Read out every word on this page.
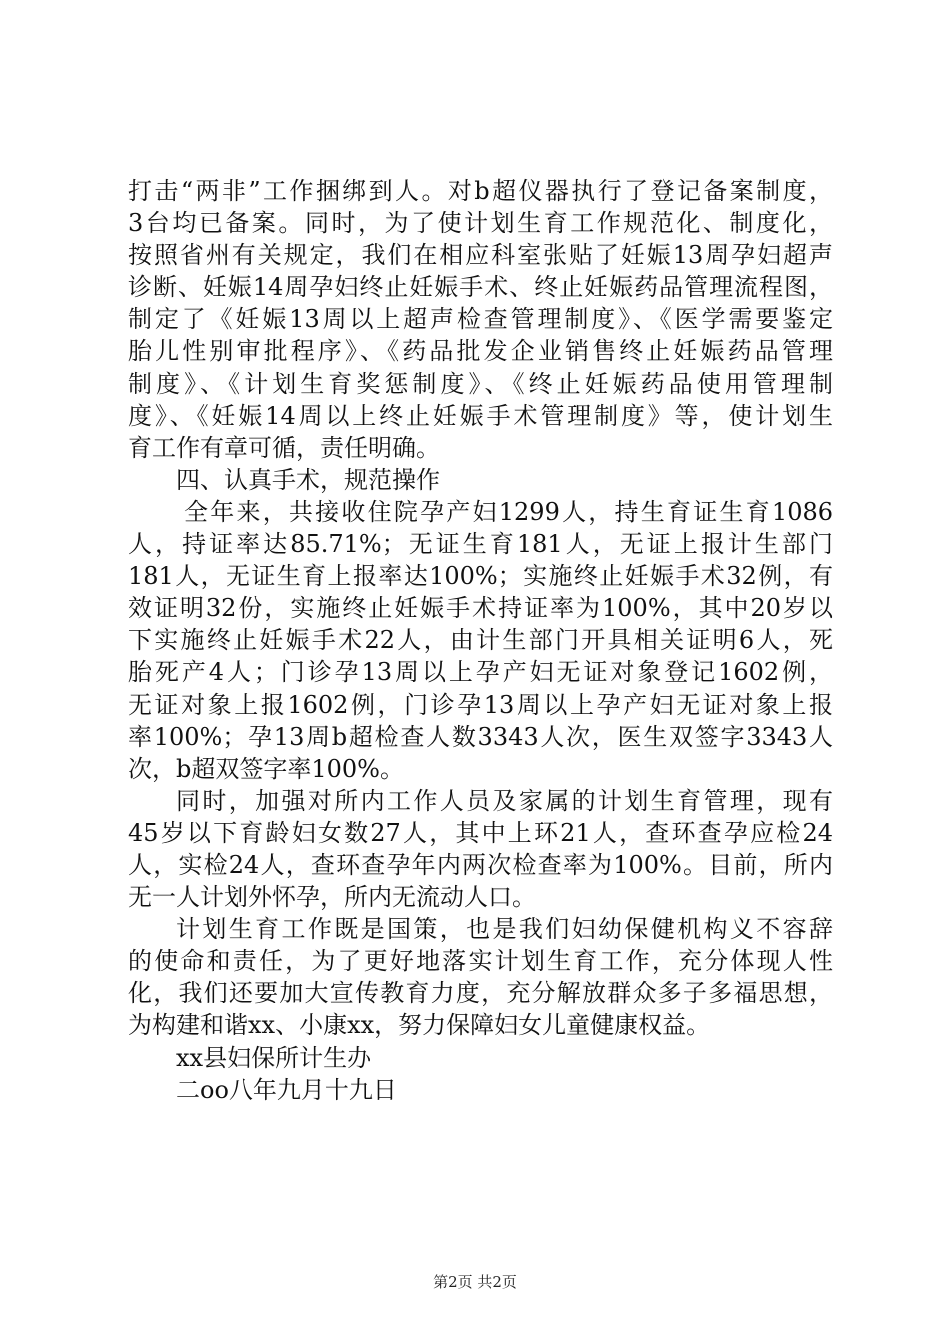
打击“两非”工作捆绑到人。对b超仪器执行了登记备案制度，
3台均已备案。同时，为了使计划生育工作规范化、制度化，
按照省州有关规定，我们在相应科室张贴了妊娠13周孕妇超声
诊断、妊娠14周孕妇终止妊娠手术、终止妊娠药品管理流程图，
制定了《妊娠13周以上超声检查管理制度》、《医学需要鉴定
胎儿性别审批程序》、《药品批发企业销售终止妊娠药品管理
制度》、《计划生育奖惩制度》、《终止妊娠药品使用管理制
度》、《妊娠14周以上终止妊娠手术管理制度》等，使计划生
育工作有章可循，责任明确。
四、认真手术，规范操作
全年来，共接收住院孕产妇1299人，持生育证生育1086
人，持证率达85.71%；无证生育181人，无证上报计生部门
181人，无证生育上报率达100%；实施终止妊娠手术32例，有
效证明32份，实施终止妊娠手术持证率为100%，其中20岁以
下实施终止妊娠手术22人，由计生部门开具相关证明6人，死
胎死产4人；门诊孕13周以上孕产妇无证对象登记1602例，
无证对象上报1602例，门诊孕13周以上孕产妇无证对象上报
率100%；孕13周b超检查人数3343人次，医生双签字3343人
次，b超双签字率100%。
同时，加强对所内工作人员及家属的计划生育管理，现有
45岁以下育龄妇女数27人，其中上环21人，查环查孕应检24
人，实检24人，查环查孕年内两次检查率为100%。目前，所内
无一人计划外怀孕，所内无流动人口。
计划生育工作既是国策，也是我们妇幼保健机构义不容辞
的使命和责任，为了更好地落实计划生育工作，充分体现人性
化，我们还要加大宣传教育力度，充分解放群众多子多福思想，
为构建和谐xx、小康xx，努力保障妇女儿童健康权益。
xx县妇保所计生办
二oo八年九月十九日
第2页 共2页
